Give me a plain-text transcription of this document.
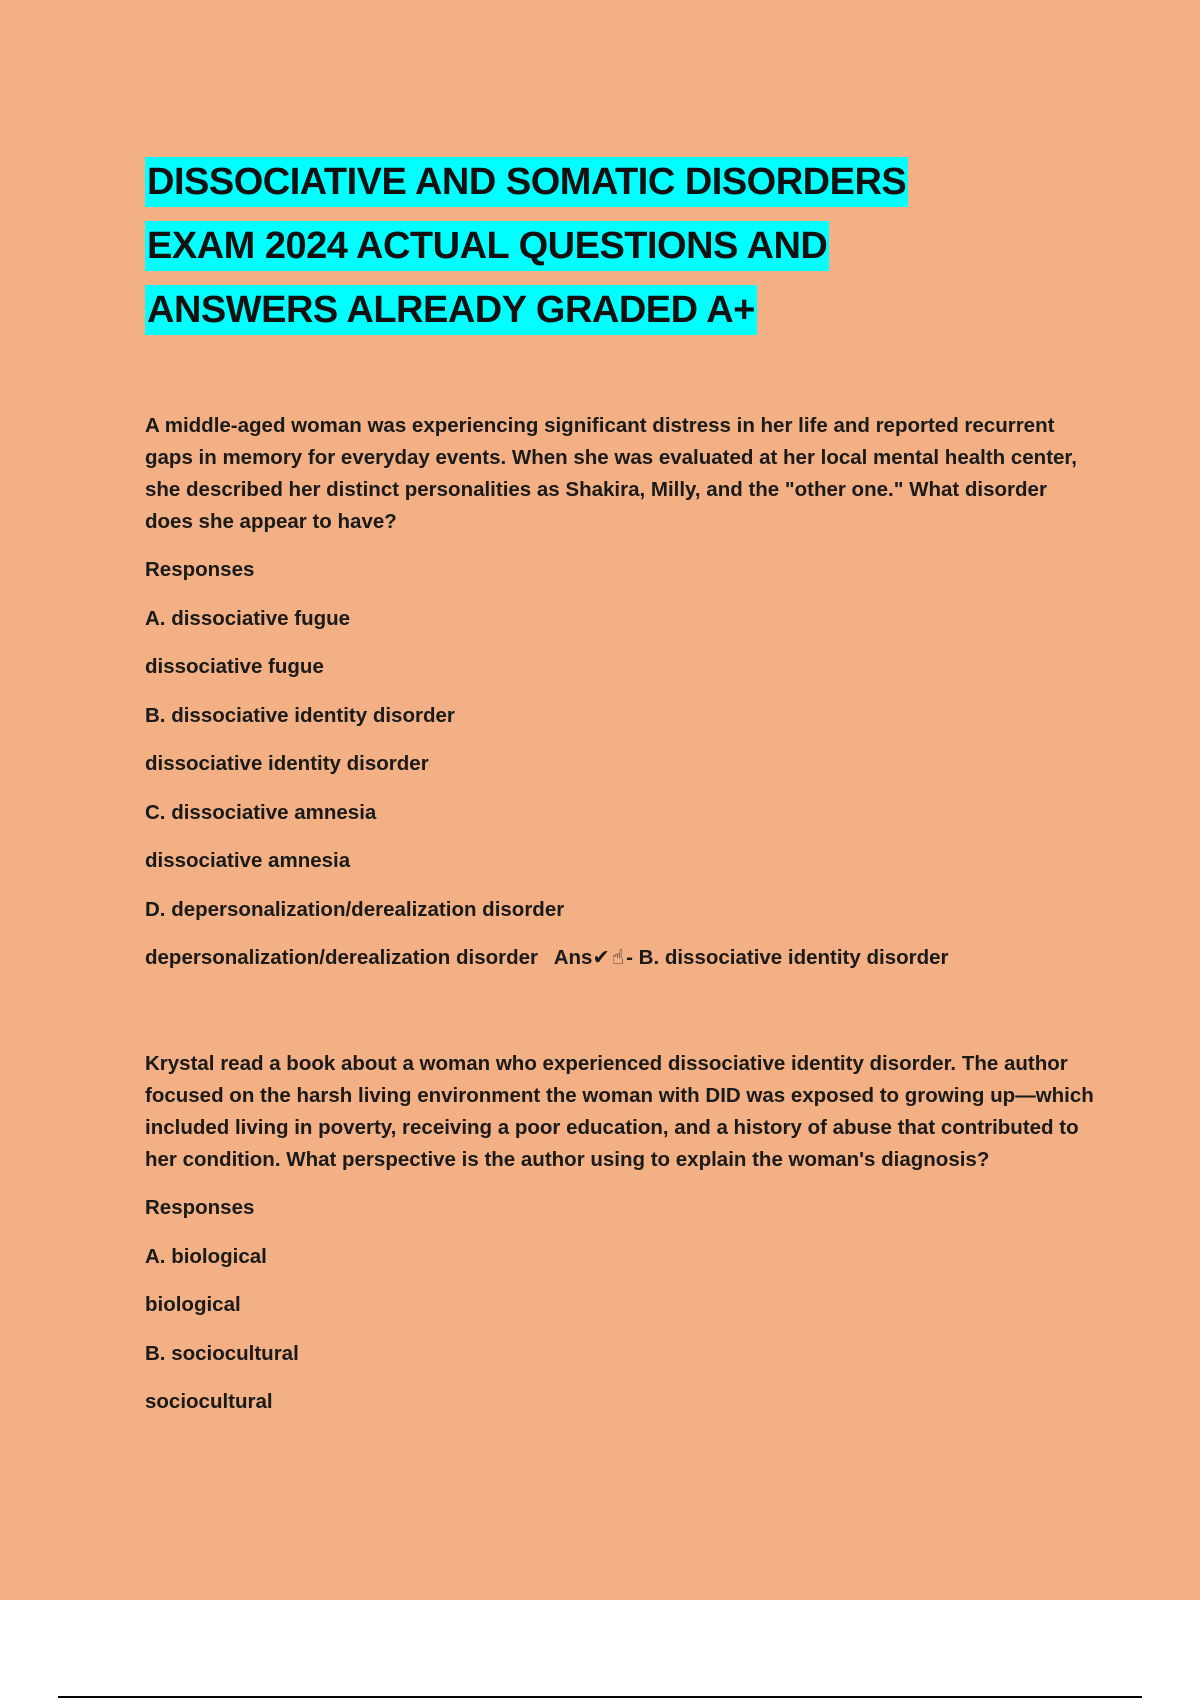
DISSOCIATIVE AND SOMATIC DISORDERS
EXAM 2024 ACTUAL QUESTIONS AND
ANSWERS ALREADY GRADED A+

A middle-aged woman was experiencing significant distress in her life and reported recurrent gaps in memory for everyday events. When she was evaluated at her local mental health center, she described her distinct personalities as Shakira, Milly, and the "other one." What disorder does she appear to have?

Responses

A. dissociative fugue

dissociative fugue

B. dissociative identity disorder

dissociative identity disorder

C. dissociative amnesia

dissociative amnesia

D. depersonalization/derealization disorder

depersonalization/derealization disorder Ans✔☝- B. dissociative identity disorder

Krystal read a book about a woman who experienced dissociative identity disorder. The author focused on the harsh living environment the woman with DID was exposed to growing up—which included living in poverty, receiving a poor education, and a history of abuse that contributed to her condition. What perspective is the author using to explain the woman's diagnosis?

Responses

A. biological

biological

B. sociocultural

sociocultural
